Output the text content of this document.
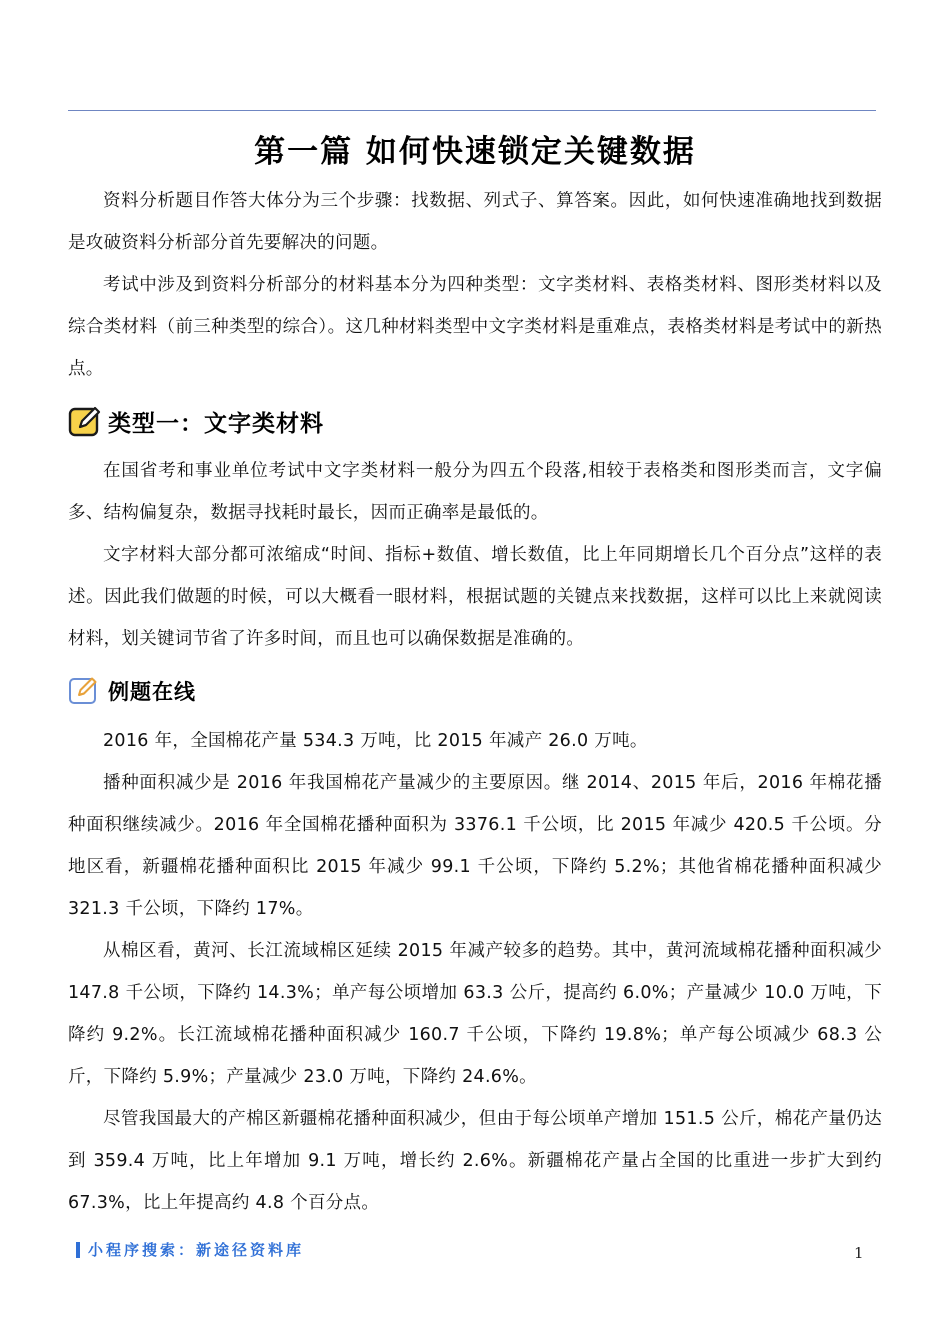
第一篇 如何快速锁定关键数据

资料分析题目作答大体分为三个步骤：找数据、列式子、算答案。因此，如何快速准确地找到数据是攻破资料分析部分首先要解决的问题。

考试中涉及到资料分析部分的材料基本分为四种类型：文字类材料、表格类材料、图形类材料以及综合类材料（前三种类型的综合）。这几种材料类型中文字类材料是重难点，表格类材料是考试中的新热点。

类型一：文字类材料

在国省考和事业单位考试中文字类材料一般分为四五个段落,相较于表格类和图形类而言，文字偏多、结构偏复杂，数据寻找耗时最长，因而正确率是最低的。

文字材料大部分都可浓缩成“时间、指标+数值、增长数值，比上年同期增长几个百分点”这样的表述。因此我们做题的时候，可以大概看一眼材料，根据试题的关键点来找数据，这样可以比上来就阅读材料，划关键词节省了许多时间，而且也可以确保数据是准确的。

例题在线

2016 年，全国棉花产量 534.3 万吨，比 2015 年减产 26.0 万吨。

播种面积减少是 2016 年我国棉花产量减少的主要原因。继 2014、2015 年后，2016 年棉花播种面积继续减少。2016 年全国棉花播种面积为 3376.1 千公顷，比 2015 年减少 420.5 千公顷。分地区看，新疆棉花播种面积比 2015 年减少 99.1 千公顷，下降约 5.2%；其他省棉花播种面积减少 321.3 千公顷，下降约 17%。

从棉区看，黄河、长江流域棉区延续 2015 年减产较多的趋势。其中，黄河流域棉花播种面积减少 147.8 千公顷，下降约 14.3%；单产每公顷增加 63.3 公斤，提高约 6.0%；产量减少 10.0 万吨，下降约 9.2%。长江流域棉花播种面积减少 160.7 千公顷，下降约 19.8%；单产每公顷减少 68.3 公斤，下降约 5.9%；产量减少 23.0 万吨，下降约 24.6%。

尽管我国最大的产棉区新疆棉花播种面积减少，但由于每公顷单产增加 151.5 公斤，棉花产量仍达到 359.4 万吨，比上年增加 9.1 万吨，增长约 2.6%。新疆棉花产量占全国的比重进一步扩大到约 67.3%，比上年提高约 4.8 个百分点。

小程序搜索：新途径资料库	1
